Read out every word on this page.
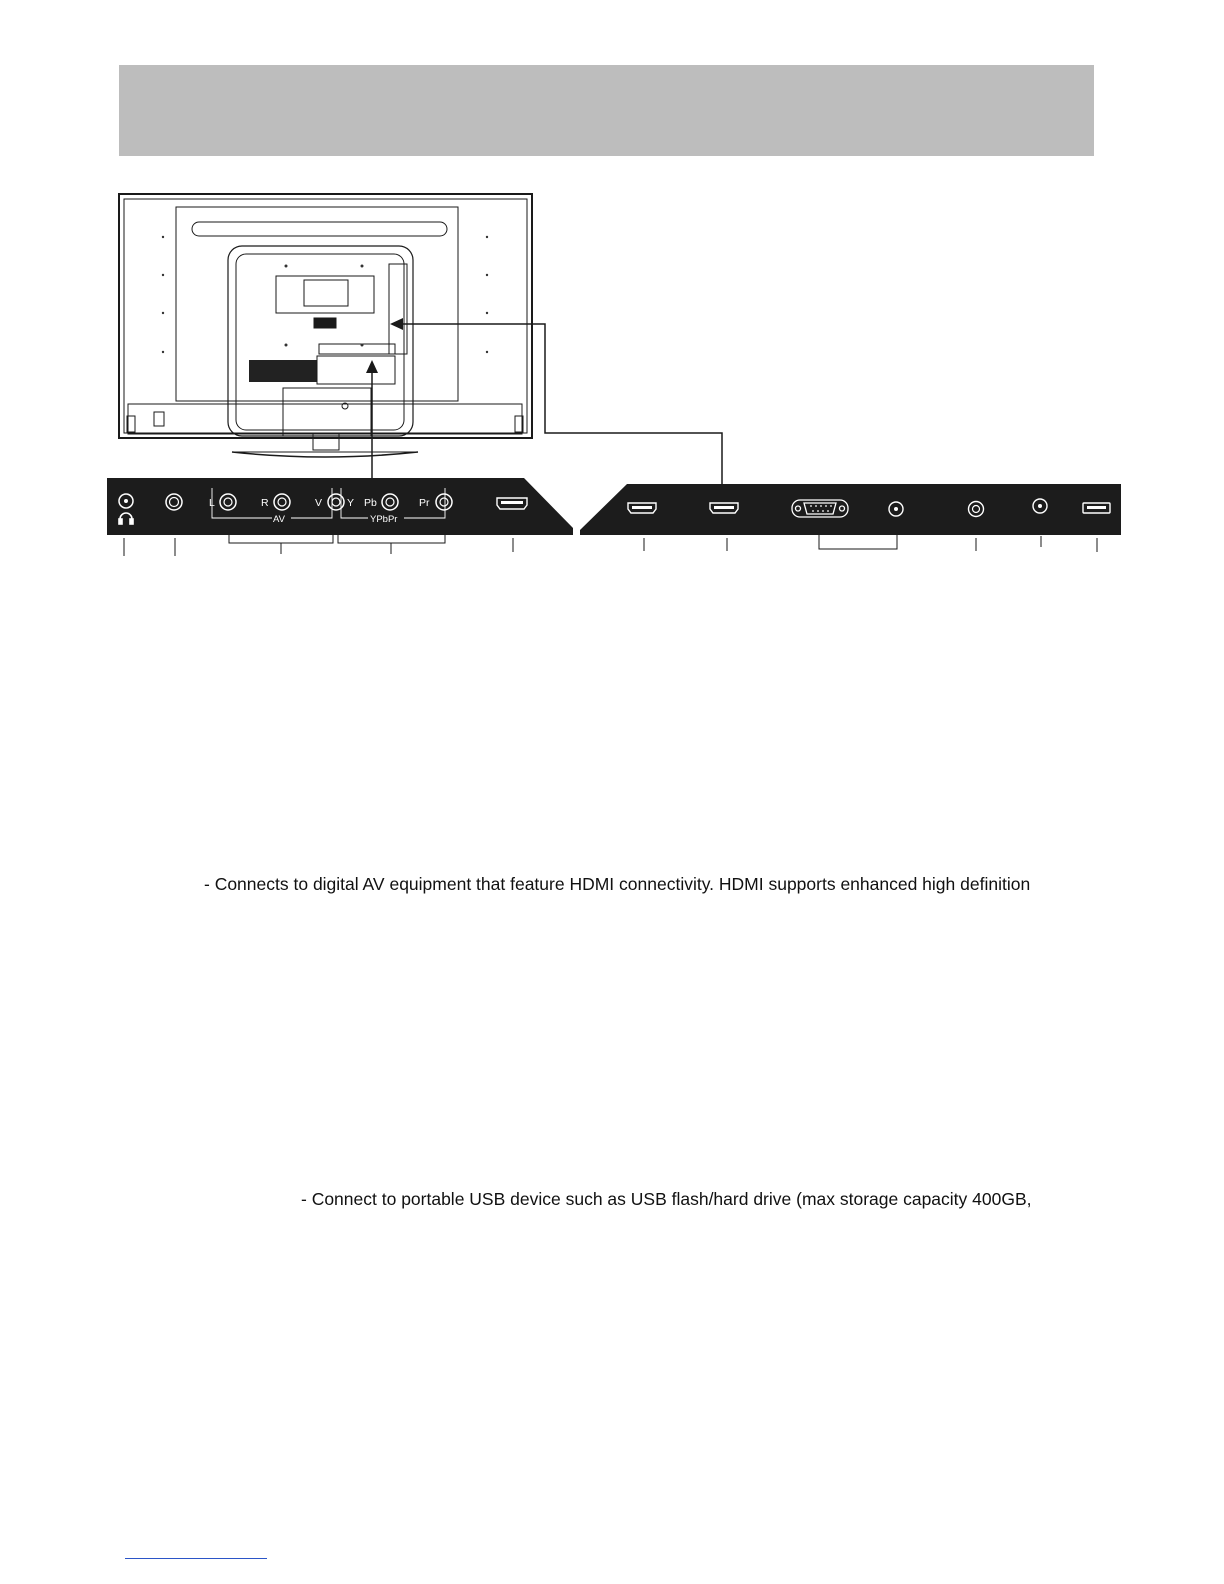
L	R	V Y Pb	Pr
AV	YPbPr
- Connects to digital AV equipment that feature HDMI connectivity. HDMI supports enhanced high definition
- Connect to portable USB device such as USB flash/hard drive (max storage capacity 400GB,
